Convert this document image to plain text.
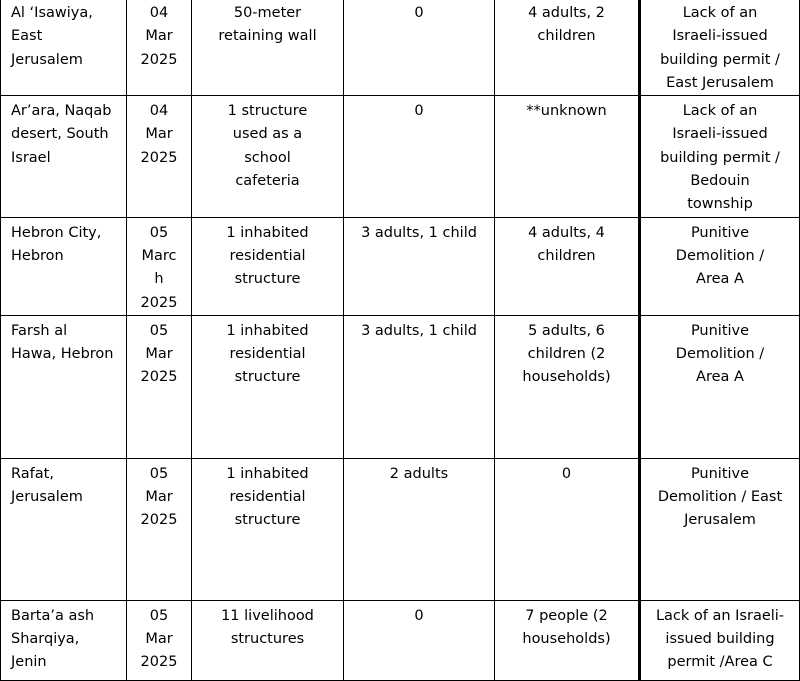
Al ‘Isawiya, East Jerusalem	04 Mar 2025	50-meter retaining wall	0	4 adults, 2 children	Lack of an Israeli-issued building permit / East Jerusalem

Ar’ara, Naqab desert, South Israel	04 Mar 2025	1 structure used as a school cafeteria	0	**unknown	Lack of an Israeli-issued building permit / Bedouin township

Hebron City, Hebron	05 March 2025	1 inhabited residential structure	3 adults, 1 child	4 adults, 4 children	Punitive Demolition / Area A

Farsh al Hawa, Hebron	05 Mar 2025	1 inhabited residential structure	3 adults, 1 child	5 adults, 6 children (2 households)	Punitive Demolition / Area A

Rafat, Jerusalem	05 Mar 2025	1 inhabited residential structure	2 adults	0	Punitive Demolition / East Jerusalem

Barta’a ash Sharqiya, Jenin	05 Mar 2025	11 livelihood structures	0	7 people (2 households)	Lack of an Israeli-issued building permit /Area C
